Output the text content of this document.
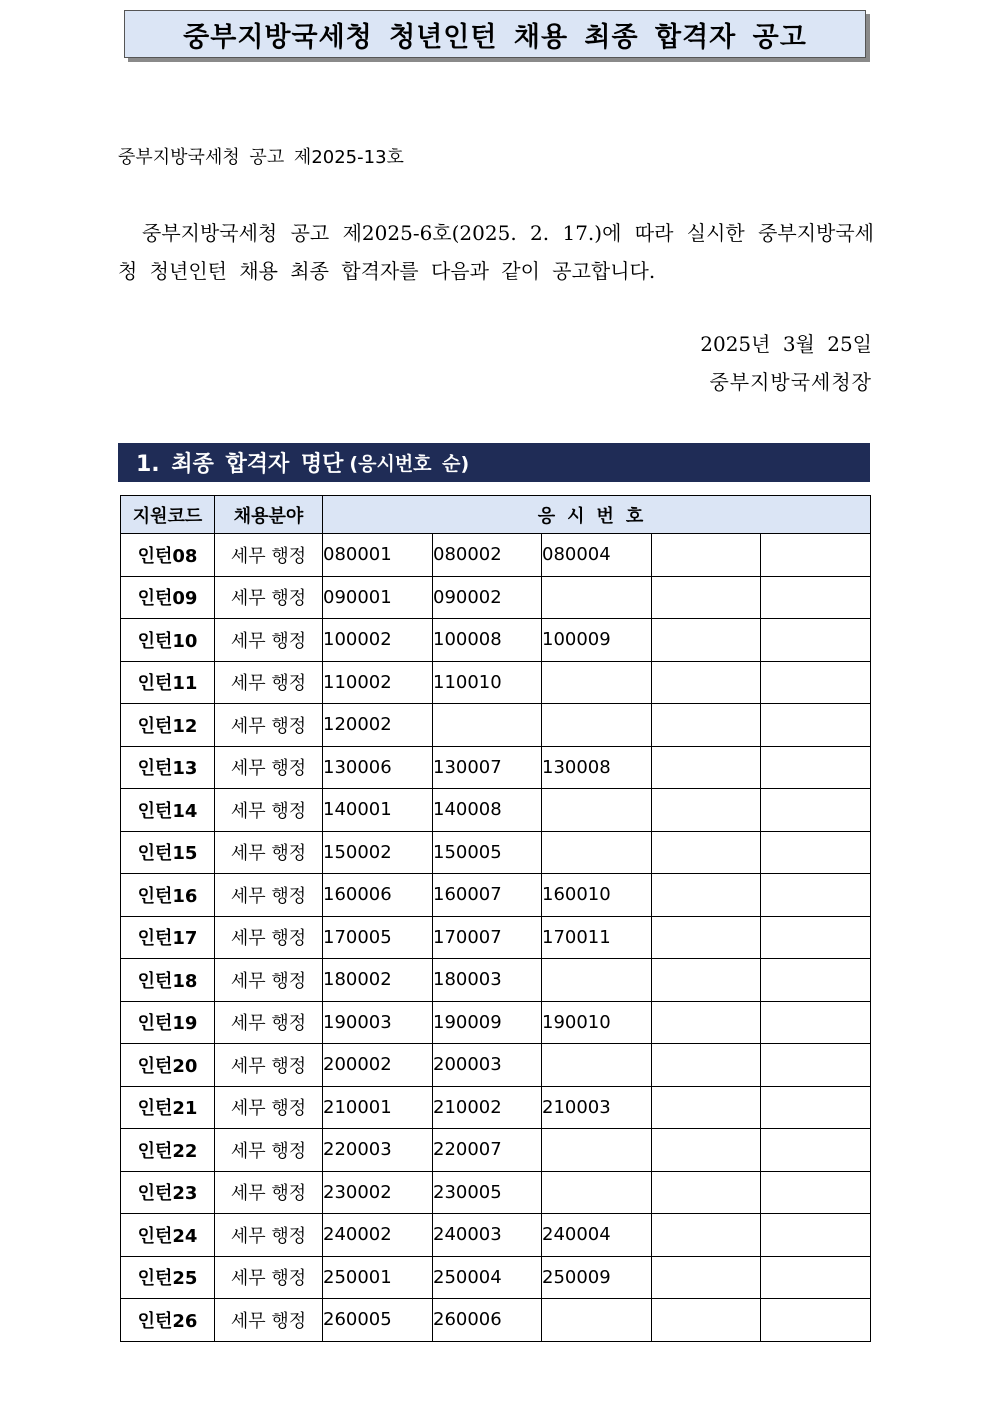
중부지방국세청 청년인턴 채용 최종 합격자 공고
중부지방국세청 공고 제2025-13호
중부지방국세청 공고 제2025-6호(2025. 2. 17.)에 따라 실시한 중부지방국세청 청년인턴 채용 최종 합격자를 다음과 같이 공고합니다.
2025년 3월 25일
중부지방국세청장
1. 최종 합격자 명단 (응시번호 순)
지원코드	채용분야	응시번호				
인턴08	세무 행정	080001	080002	080004		
인턴09	세무 행정	090001	090002			
인턴10	세무 행정	100002	100008	100009		
인턴11	세무 행정	110002	110010			
인턴12	세무 행정	120002				
인턴13	세무 행정	130006	130007	130008		
인턴14	세무 행정	140001	140008			
인턴15	세무 행정	150002	150005			
인턴16	세무 행정	160006	160007	160010		
인턴17	세무 행정	170005	170007	170011		
인턴18	세무 행정	180002	180003			
인턴19	세무 행정	190003	190009	190010		
인턴20	세무 행정	200002	200003			
인턴21	세무 행정	210001	210002	210003		
인턴22	세무 행정	220003	220007			
인턴23	세무 행정	230002	230005			
인턴24	세무 행정	240002	240003	240004		
인턴25	세무 행정	250001	250004	250009		
인턴26	세무 행정	260005	260006			
